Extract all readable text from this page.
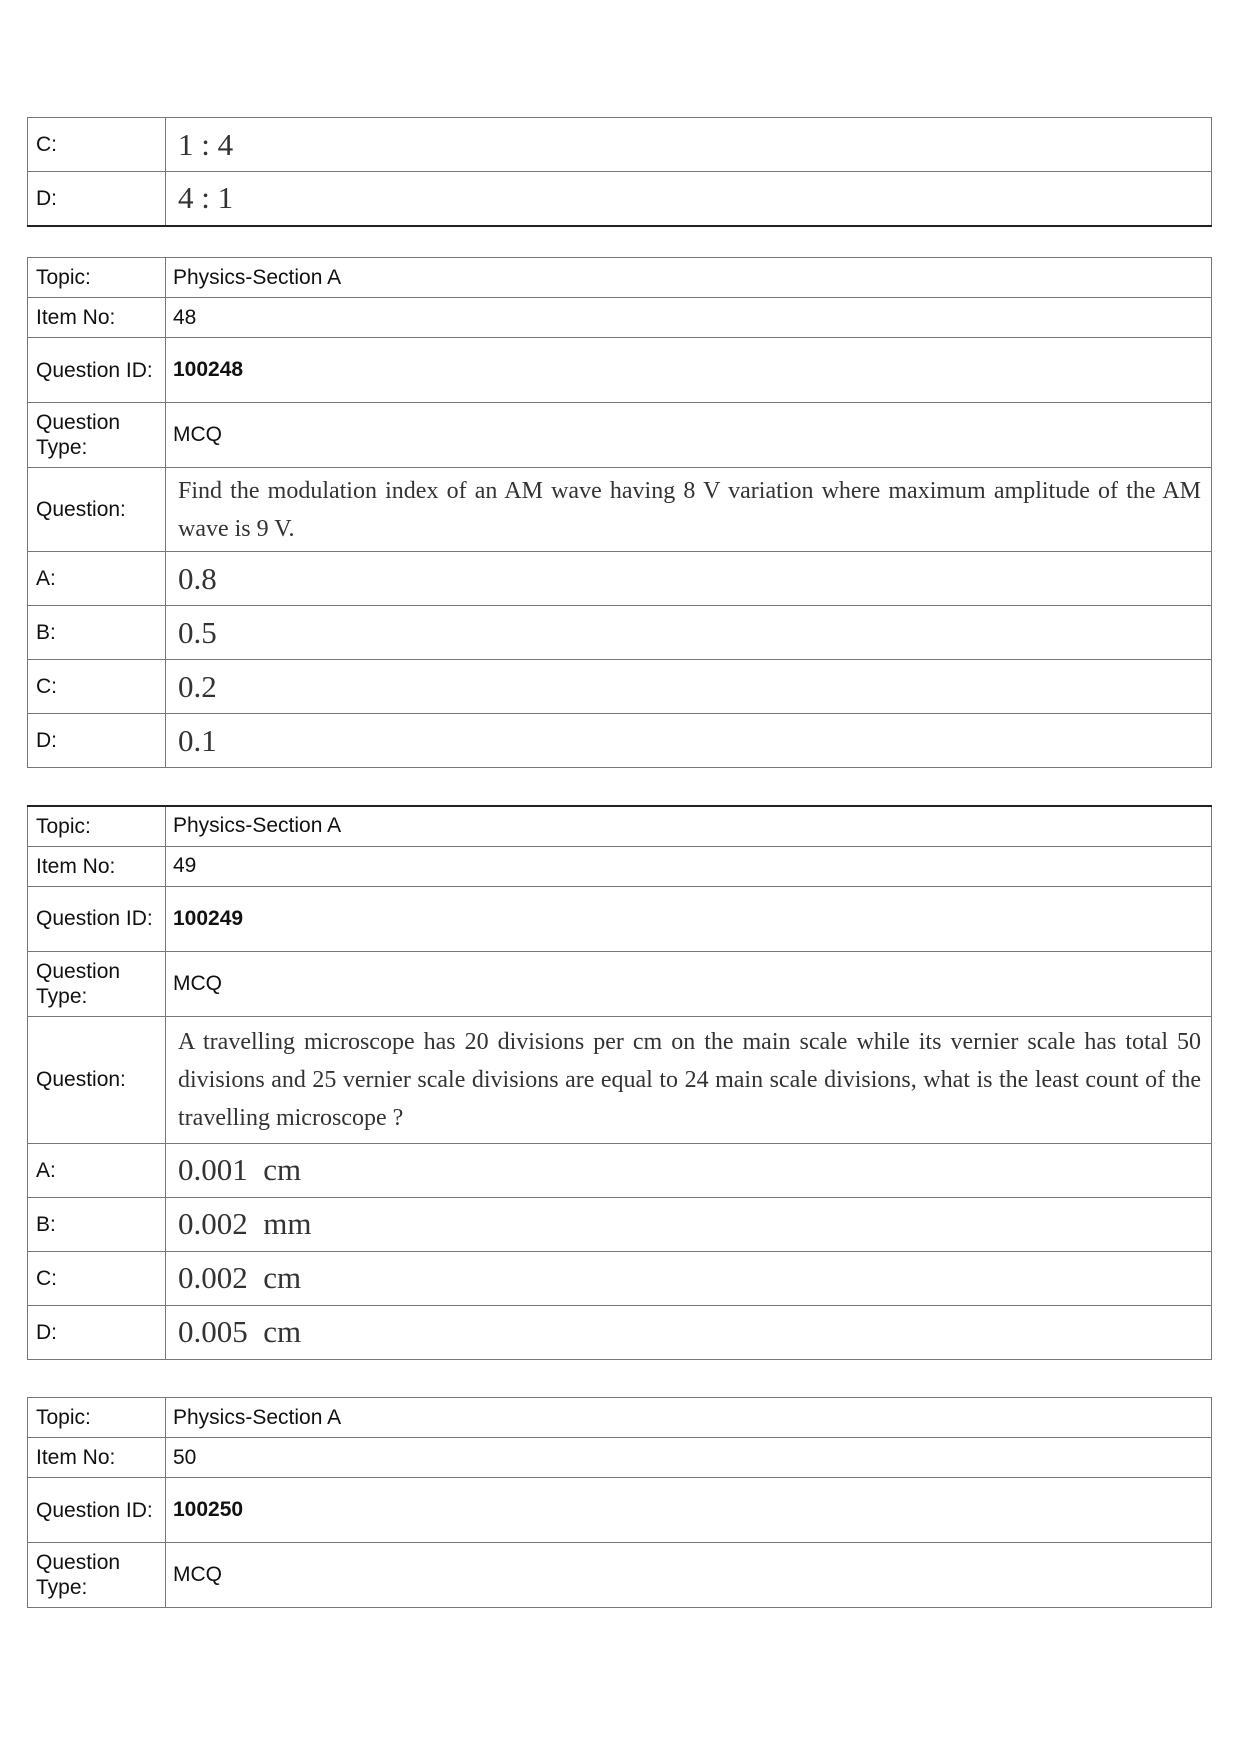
C:	1 : 4
D:	4 : 1
Topic:	Physics-Section A
Item No:	48
Question ID:	100248
Question Type:	MCQ
Question:	Find the modulation index of an AM wave having 8 V variation where maximum amplitude of the AM wave is 9 V.

A:	0.8
B:	0.5
C:	0.2
D:	0.1
Topic:	Physics-Section A
Item No:	49
Question ID:	100249
Question Type:	MCQ
Question:	A travelling microscope has 20 divisions per cm on the main scale while its vernier scale has total 50 divisions and 25 vernier scale divisions are equal to 24 main scale divisions, what is the least count of the travelling microscope ?

A:	0.001  cm
B:	0.002  mm
C:	0.002  cm
D:	0.005  cm
Topic:	Physics-Section A
Item No:	50
Question ID:	100250
Question Type:	MCQ
